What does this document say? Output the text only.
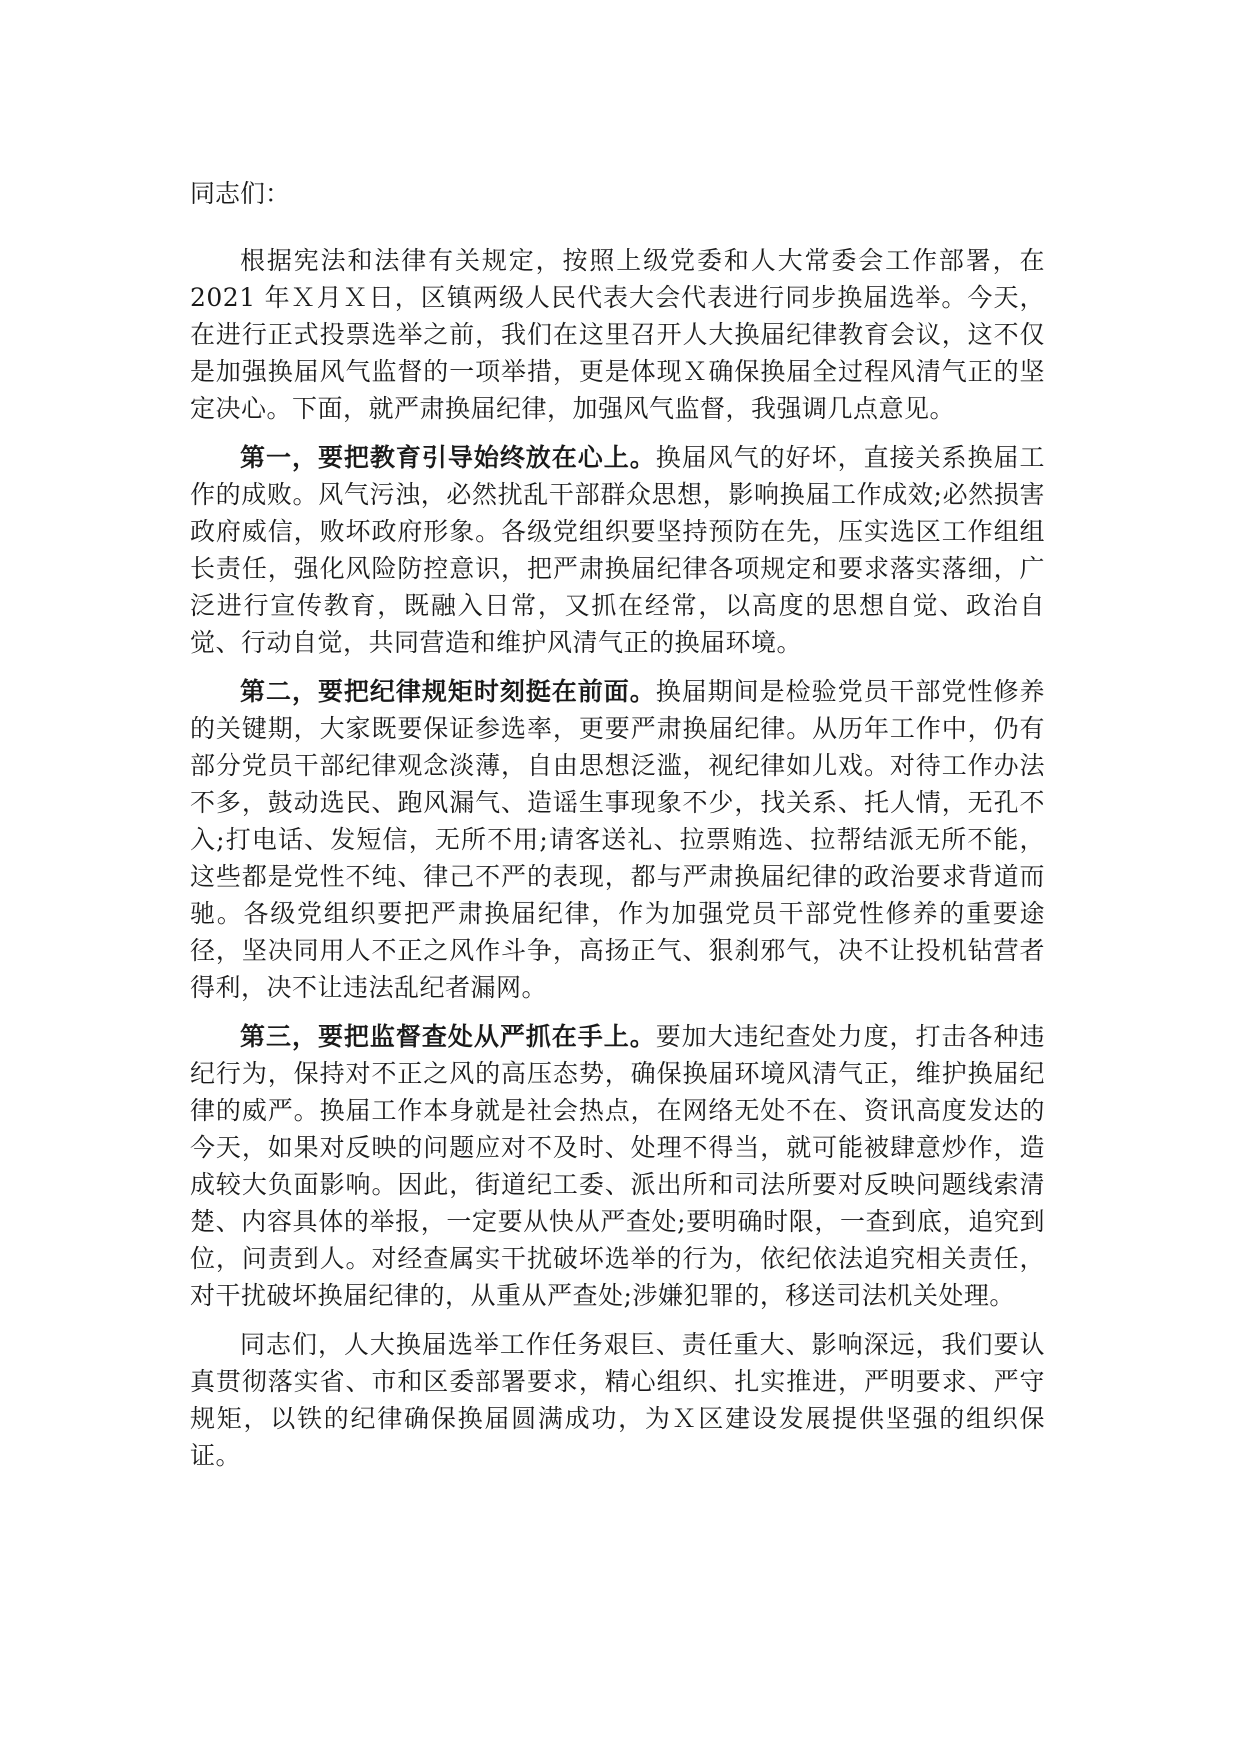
同志们：

根据宪法和法律有关规定，按照上级党委和人大常委会工作部署，在 2021 年Ｘ月Ｘ日，区镇两级人民代表大会代表进行同步换届选举。今天，在进行正式投票选举之前，我们在这里召开人大换届纪律教育会议，这不仅是加强换届风气监督的一项举措，更是体现Ｘ确保换届全过程风清气正的坚定决心。下面，就严肃换届纪律，加强风气监督，我强调几点意见。

第一，要把教育引导始终放在心上。换届风气的好坏，直接关系换届工作的成败。风气污浊，必然扰乱干部群众思想，影响换届工作成效;必然损害政府威信，败坏政府形象。各级党组织要坚持预防在先，压实选区工作组组长责任，强化风险防控意识，把严肃换届纪律各项规定和要求落实落细，广泛进行宣传教育，既融入日常，又抓在经常，以高度的思想自觉、政治自觉、行动自觉，共同营造和维护风清气正的换届环境。

第二，要把纪律规矩时刻挺在前面。换届期间是检验党员干部党性修养的关键期，大家既要保证参选率，更要严肃换届纪律。从历年工作中，仍有部分党员干部纪律观念淡薄，自由思想泛滥，视纪律如儿戏。对待工作办法不多，鼓动选民、跑风漏气、造谣生事现象不少，找关系、托人情，无孔不入;打电话、发短信，无所不用;请客送礼、拉票贿选、拉帮结派无所不能，这些都是党性不纯、律己不严的表现，都与严肃换届纪律的政治要求背道而驰。各级党组织要把严肃换届纪律，作为加强党员干部党性修养的重要途径，坚决同用人不正之风作斗争，高扬正气、狠刹邪气，决不让投机钻营者得利，决不让违法乱纪者漏网。

第三，要把监督查处从严抓在手上。要加大违纪查处力度，打击各种违纪行为，保持对不正之风的高压态势，确保换届环境风清气正，维护换届纪律的威严。换届工作本身就是社会热点，在网络无处不在、资讯高度发达的今天，如果对反映的问题应对不及时、处理不得当，就可能被肆意炒作，造成较大负面影响。因此，街道纪工委、派出所和司法所要对反映问题线索清楚、内容具体的举报，一定要从快从严查处;要明确时限，一查到底，追究到位，问责到人。对经查属实干扰破坏选举的行为，依纪依法追究相关责任，对干扰破坏换届纪律的，从重从严查处;涉嫌犯罪的，移送司法机关处理。

同志们，人大换届选举工作任务艰巨、责任重大、影响深远，我们要认真贯彻落实省、市和区委部署要求，精心组织、扎实推进，严明要求、严守规矩，以铁的纪律确保换届圆满成功，为Ｘ区建设发展提供坚强的组织保证。
